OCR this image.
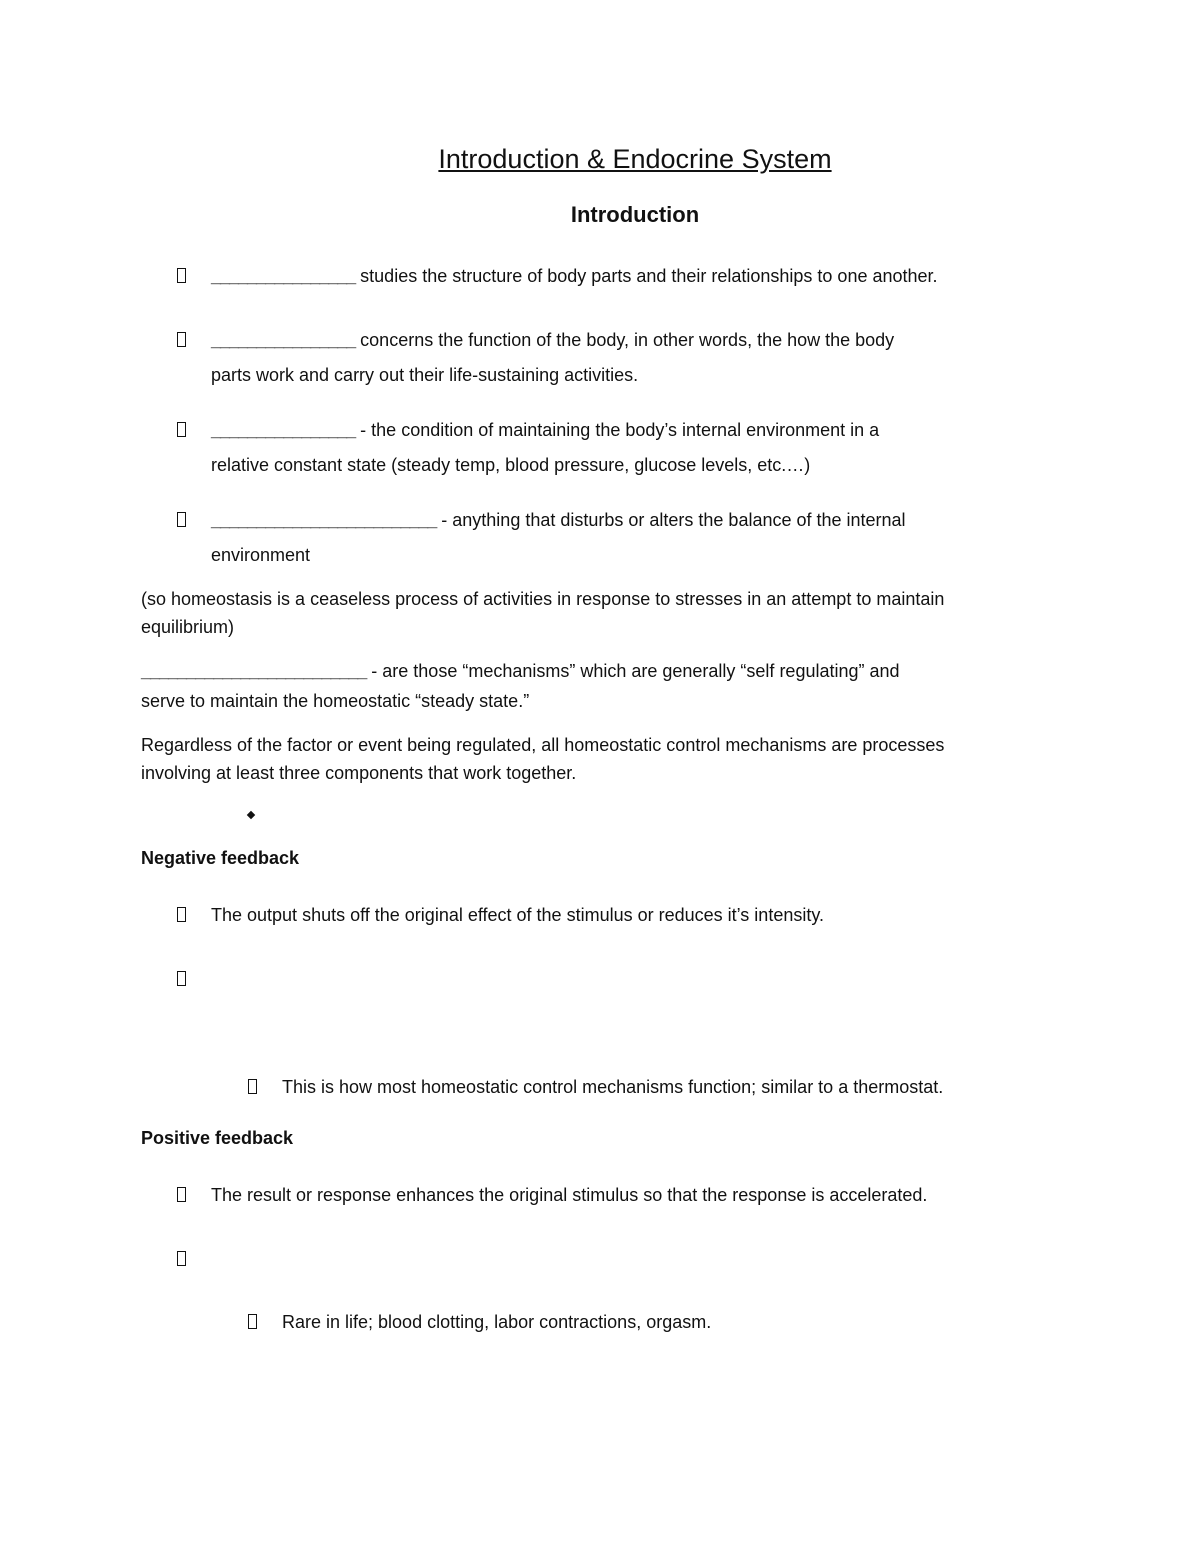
Introduction & Endocrine System
Introduction
________________ studies the structure of body parts and their relationships to one another.
________________ concerns the function of the body, in other words, the how the body
parts work and carry out their life-sustaining activities.
________________ - the condition of maintaining the body’s internal environment in a
relative constant state (steady temp, blood pressure, glucose levels, etc.…)
_________________________ - anything that disturbs or alters the balance of the internal
environment
(so homeostasis is a ceaseless process of activities in response to stresses in an attempt to maintain
equilibrium)
_________________________ - are those “mechanisms” which are generally “self regulating” and
serve to maintain the homeostatic “steady state.”
Regardless of the factor or event being regulated, all homeostatic control mechanisms are processes
involving at least three components that work together.
Negative feedback
The output shuts off the original effect of the stimulus or reduces it’s intensity.
This is how most homeostatic control mechanisms function; similar to a thermostat.
Positive feedback
The result or response enhances the original stimulus so that the response is accelerated.
Rare in life; blood clotting, labor contractions, orgasm.
